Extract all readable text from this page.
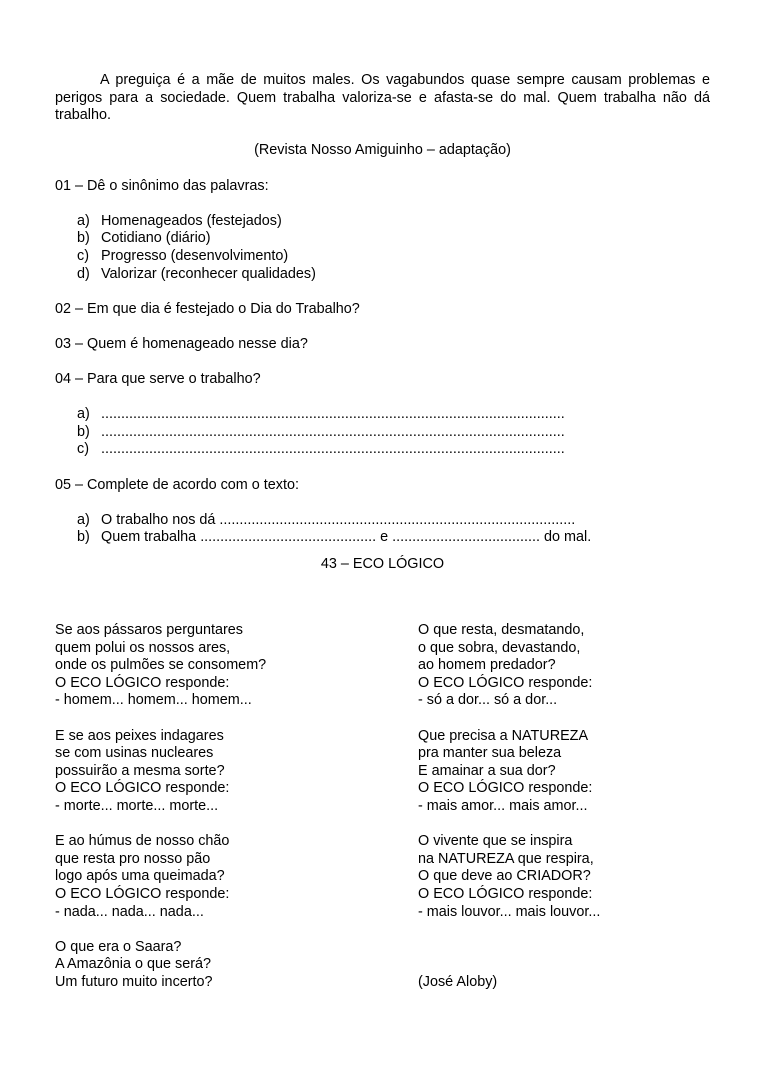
A preguiça é a mãe de muitos males. Os vagabundos quase sempre causam problemas e perigos para a sociedade. Quem trabalha valoriza-se e afasta-se do mal. Quem trabalha não dá trabalho.

(Revista Nosso Amiguinho – adaptação)

01 – Dê o sinônimo das palavras:

a) Homenageados (festejados)
b) Cotidiano (diário)
c) Progresso (desenvolvimento)
d) Valorizar (reconhecer qualidades)

02 – Em que dia é festejado o Dia do Trabalho?

03 – Quem é homenageado nesse dia?

04 – Para que serve o trabalho?

a) ....................................................................................................................
b) ....................................................................................................................
c) ....................................................................................................................

05 – Complete de acordo com o texto:

a) O trabalho nos dá .........................................................................................
b) Quem trabalha ............................................ e ..................................... do mal.

43 – ECO LÓGICO

Se aos pássaros perguntares

quem polui os nossos ares,

onde os pulmões se consomem?

O ECO LÓGICO responde:

- homem... homem... homem...

E se aos peixes indagares

se com usinas nucleares

possuirão a mesma sorte?

O ECO LÓGICO responde:

- morte... morte... morte...

E ao húmus de nosso chão

que resta pro nosso pão

logo após uma queimada?

O ECO LÓGICO responde:

- nada... nada... nada...

O que era o Saara?

A Amazônia o que será?

Um futuro muito incerto?

O que resta, desmatando,

o que sobra, devastando,

ao homem predador?

O ECO LÓGICO responde:

- só a dor... só a dor...

Que precisa a NATUREZA

pra manter sua beleza

E amainar a sua dor?

O ECO LÓGICO responde:

- mais amor... mais amor...

O vivente que se inspira

na NATUREZA que respira,

O que deve ao CRIADOR?

O ECO LÓGICO responde:

- mais louvor... mais louvor...

(José Aloby)
